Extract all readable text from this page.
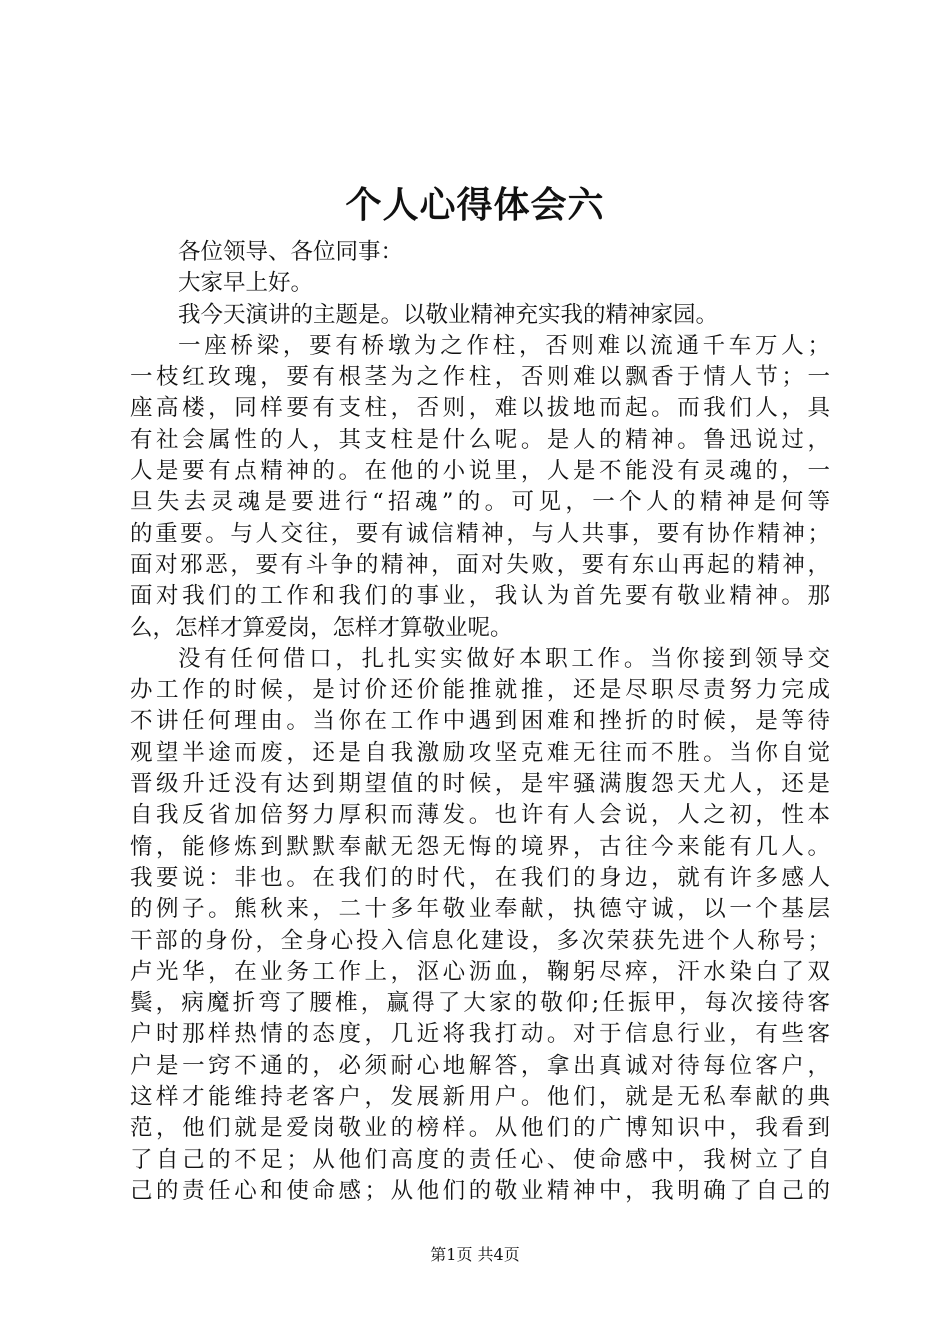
个人心得体会六
各位领导、各位同事：
大家早上好。
我今天演讲的主题是。以敬业精神充实我的精神家园。
一座桥梁，要有桥墩为之作柱，否则难以流通千车万人；
一枝红玫瑰，要有根茎为之作柱，否则难以飘香于情人节；一
座高楼，同样要有支柱，否则，难以拔地而起。而我们人，具
有社会属性的人，其支柱是什么呢。是人的精神。鲁迅说过，
人是要有点精神的。在他的小说里，人是不能没有灵魂的，一
旦失去灵魂是要进行“招魂”的。可见，一个人的精神是何等
的重要。与人交往，要有诚信精神，与人共事，要有协作精神；
面对邪恶，要有斗争的精神，面对失败，要有东山再起的精神，
面对我们的工作和我们的事业，我认为首先要有敬业精神。那
么，怎样才算爱岗，怎样才算敬业呢。
没有任何借口，扎扎实实做好本职工作。当你接到领导交
办工作的时候，是讨价还价能推就推，还是尽职尽责努力完成
不讲任何理由。当你在工作中遇到困难和挫折的时候，是等待
观望半途而废，还是自我激励攻坚克难无往而不胜。当你自觉
晋级升迁没有达到期望值的时候，是牢骚满腹怨天尤人，还是
自我反省加倍努力厚积而薄发。也许有人会说，人之初，性本
惰，能修炼到默默奉献无怨无悔的境界，古往今来能有几人。
我要说：非也。在我们的时代，在我们的身边，就有许多感人
的例子。熊秋来，二十多年敬业奉献，执德守诚，以一个基层
干部的身份，全身心投入信息化建设，多次荣获先进个人称号；
卢光华，在业务工作上，沤心沥血，鞠躬尽瘁，汗水染白了双
鬓，病魔折弯了腰椎，赢得了大家的敬仰;任振甲，每次接待客
户时那样热情的态度，几近将我打动。对于信息行业，有些客
户是一窍不通的，必须耐心地解答，拿出真诚对待每位客户，
这样才能维持老客户，发展新用户。他们，就是无私奉献的典
范，他们就是爱岗敬业的榜样。从他们的广博知识中，我看到
了自己的不足；从他们高度的责任心、使命感中，我树立了自
己的责任心和使命感；从他们的敬业精神中，我明确了自己的
第1页 共4页
